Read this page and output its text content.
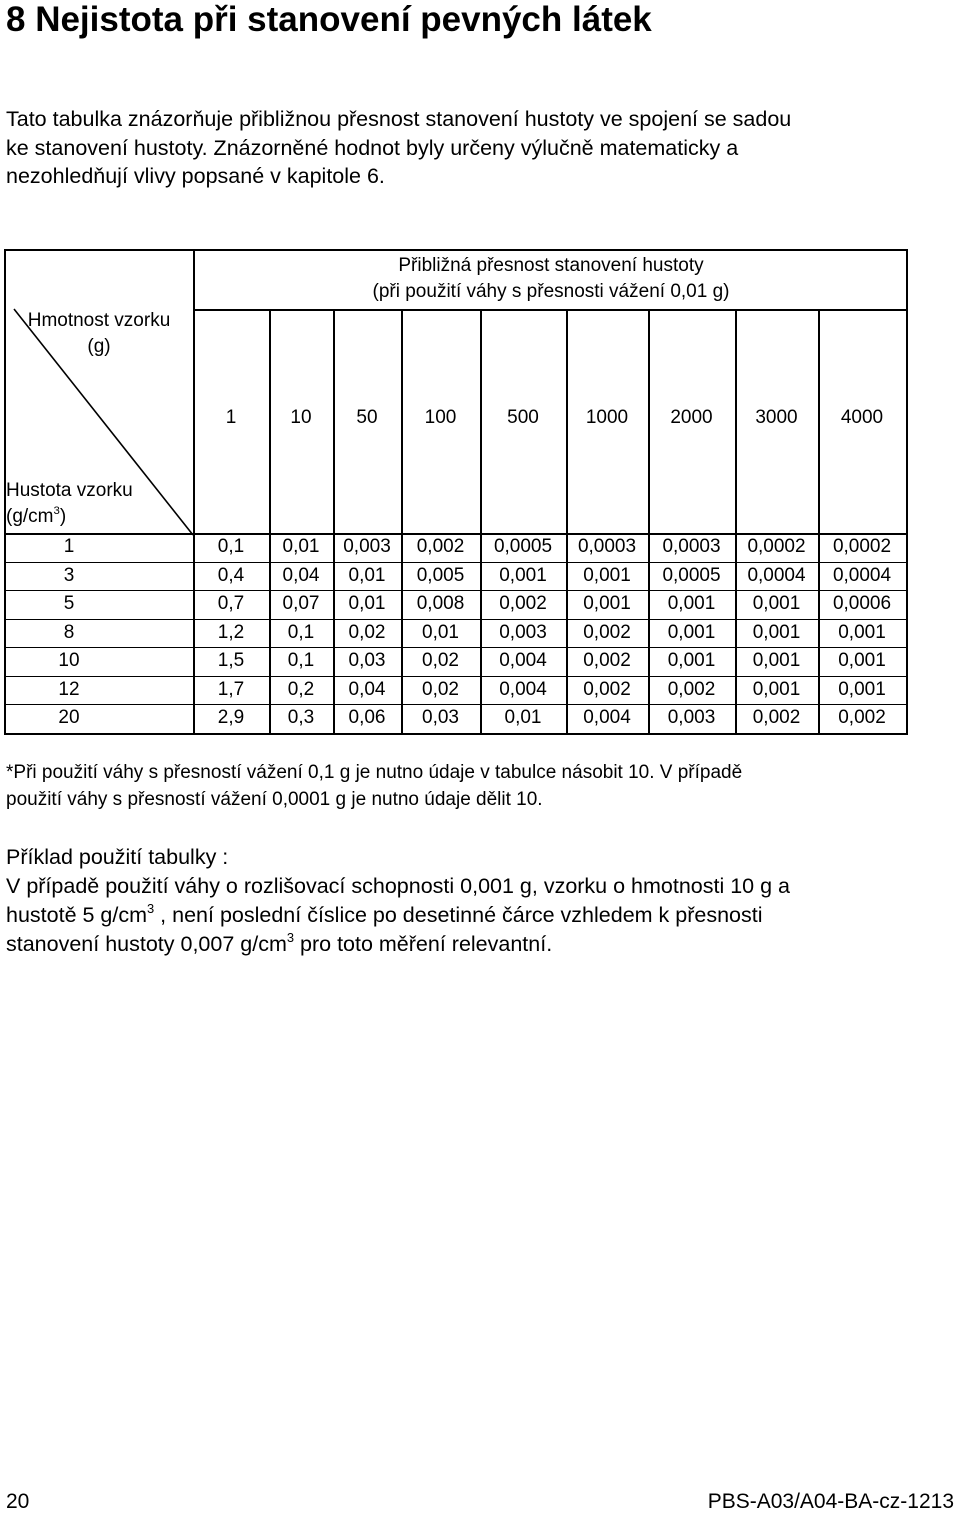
8 Nejistota při stanovení pevných látek

Tato tabulka znázorňuje přibližnou přesnost stanovení hustoty ve spojení se sadou
ke stanovení hustoty. Znázorněné hodnot byly určeny výlučně matematicky a
nezohledňují vlivy popsané v kapitole 6.

Hmotnost vzorku
(g)
Hustota vzorku
$(g/cm^3)$
Přibližná přesnost stanovení hustoty
(při použití váhy s přesnosti vážení 0,01 g)
1	10	50	100	500	1000	2000	3000	4000
1	0,1	0,01	0,003	0,002	0,0005	0,0003	0,0003	0,0002	0,0002
3	0,4	0,04	0,01	0,005	0,001	0,001	0,0005	0,0004	0,0004
5	0,7	0,07	0,01	0,008	0,002	0,001	0,001	0,001	0,0006
8	1,2	0,1	0,02	0,01	0,003	0,002	0,001	0,001	0,001
10	1,5	0,1	0,03	0,02	0,004	0,002	0,001	0,001	0,001
12	1,7	0,2	0,04	0,02	0,004	0,002	0,002	0,001	0,001
20	2,9	0,3	0,06	0,03	0,01	0,004	0,003	0,002	0,002

*Při použití váhy s přesností vážení 0,1 g je nutno údaje v tabulce násobit 10. V případě
použití váhy s přesností vážení 0,0001 g je nutno údaje dělit 10.

Příklad použití tabulky :
V případě použití váhy o rozlišovací schopnosti 0,001 g, vzorku o hmotnosti 10 g a
hustotě 5 $g/cm^3$ , není poslední číslice po desetinné čárce vzhledem k přesnosti
stanovení hustoty 0,007 $g/cm^3$ pro toto měření relevantní.

20	PBS-A03/A04-BA-cz-1213
